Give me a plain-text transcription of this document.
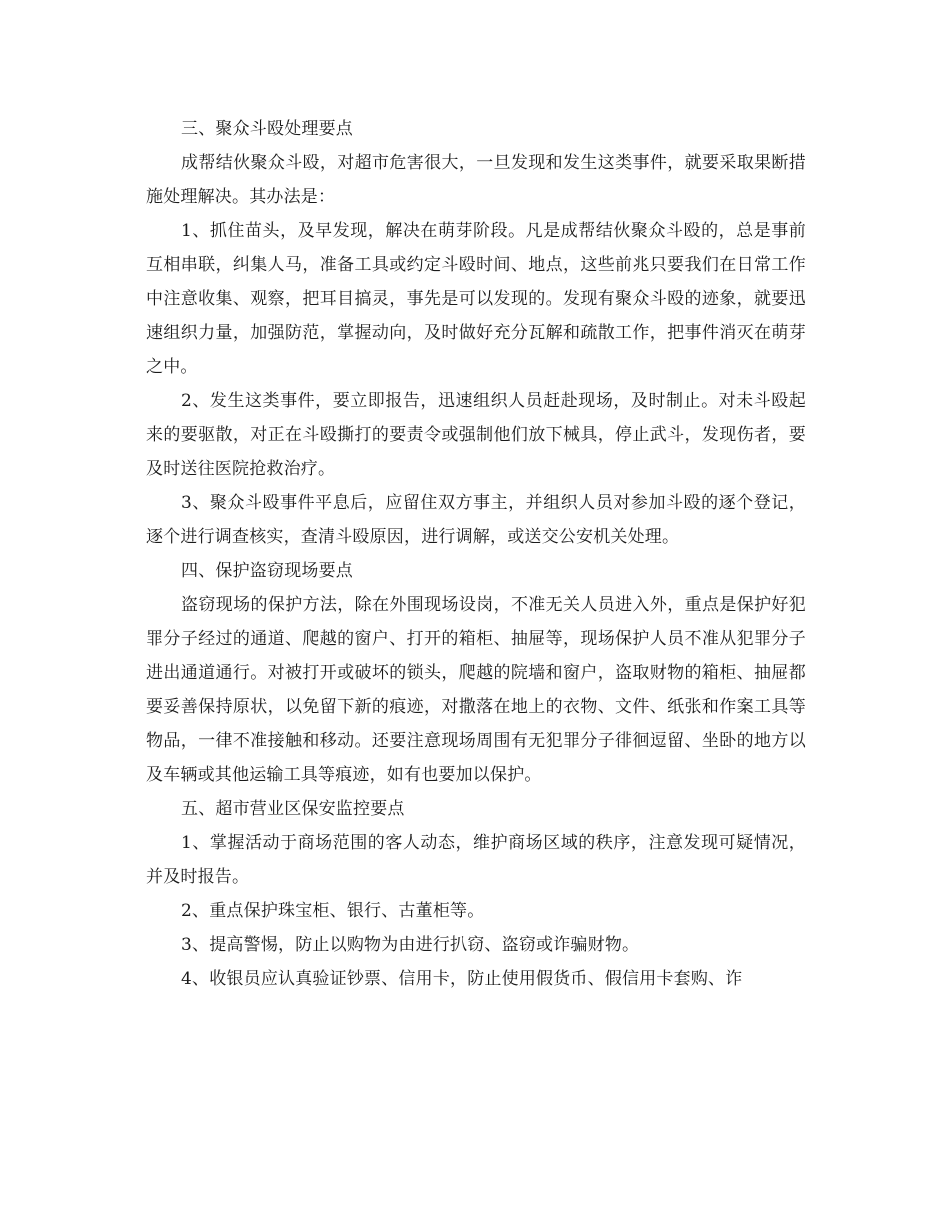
三、聚众斗殴处理要点

成帮结伙聚众斗殴，对超市危害很大，一旦发现和发生这类事件，就要采取果断措施处理解决。其办法是：

1、抓住苗头，及早发现，解决在萌芽阶段。凡是成帮结伙聚众斗殴的，总是事前互相串联，纠集人马，准备工具或约定斗殴时间、地点，这些前兆只要我们在日常工作中注意收集、观察，把耳目搞灵，事先是可以发现的。发现有聚众斗殴的迹象，就要迅速组织力量，加强防范，掌握动向，及时做好充分瓦解和疏散工作，把事件消灭在萌芽之中。

2、发生这类事件，要立即报告，迅速组织人员赶赴现场，及时制止。对未斗殴起来的要驱散，对正在斗殴撕打的要责令或强制他们放下械具，停止武斗，发现伤者，要及时送往医院抢救治疗。

3、聚众斗殴事件平息后，应留住双方事主，并组织人员对参加斗殴的逐个登记，逐个进行调查核实，查清斗殴原因，进行调解，或送交公安机关处理。

四、保护盗窃现场要点

盗窃现场的保护方法，除在外围现场设岗，不准无关人员进入外，重点是保护好犯罪分子经过的通道、爬越的窗户、打开的箱柜、抽屉等，现场保护人员不准从犯罪分子进出通道通行。对被打开或破坏的锁头，爬越的院墙和窗户，盗取财物的箱柜、抽屉都要妥善保持原状，以免留下新的痕迹，对撒落在地上的衣物、文件、纸张和作案工具等物品，一律不准接触和移动。还要注意现场周围有无犯罪分子徘徊逗留、坐卧的地方以及车辆或其他运输工具等痕迹，如有也要加以保护。

五、超市营业区保安监控要点

1、掌握活动于商场范围的客人动态，维护商场区域的秩序，注意发现可疑情况，并及时报告。

2、重点保护珠宝柜、银行、古董柜等。

3、提高警惕，防止以购物为由进行扒窃、盗窃或诈骗财物。

4、收银员应认真验证钞票、信用卡，防止使用假货币、假信用卡套购、诈
